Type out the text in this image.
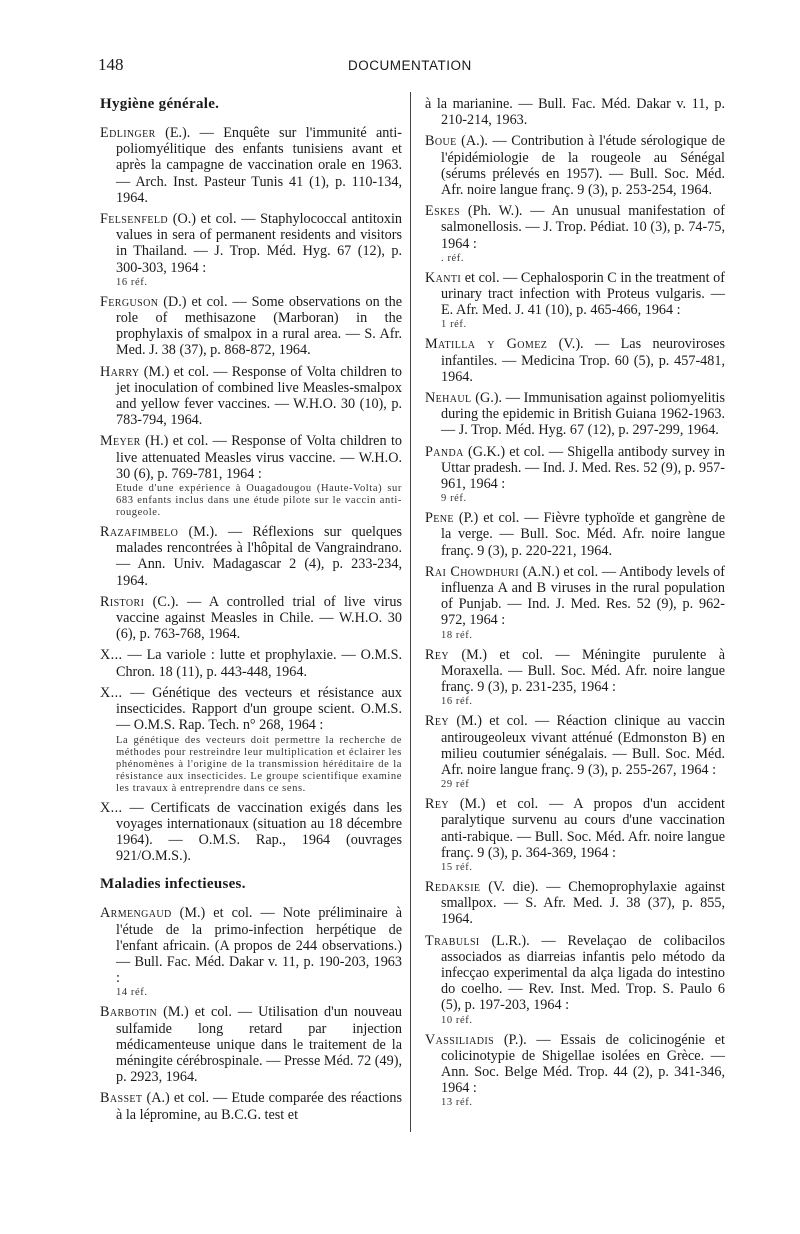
148	DOCUMENTATION
Hygiène générale.
Edlinger (E.). — Enquête sur l'immunité anti-poliomyélitique des enfants tunisiens avant et après la campagne de vaccination orale en 1963. — Arch. Inst. Pasteur Tunis 41 (1), p. 110-134, 1964.
Felsenfeld (O.) et col. — Staphylococcal antitoxin values in sera of permanent residents and visitors in Thailand. — J. Trop. Méd. Hyg. 67 (12), p. 300-303, 1964 :
16 réf.
Ferguson (D.) et col. — Some observations on the role of methisazone (Marboran) in the prophylaxis of smalpox in a rural area. — S. Afr. Med. J. 38 (37), p. 868-872, 1964.
Harry (M.) et col. — Response of Volta children to jet inoculation of combined live Measles-smalpox and yellow fever vaccines. — W.H.O. 30 (10), p. 783-794, 1964.
Meyer (H.) et col. — Response of Volta children to live attenuated Measles virus vaccine. — W.H.O. 30 (6), p. 769-781, 1964 :
Etude d'une expérience à Ouagadougou (Haute-Volta) sur 683 enfants inclus dans une étude pilote sur le vaccin anti-rougeole.
Razafimbelo (M.). — Réflexions sur quelques malades rencontrées à l'hôpital de Vangraindrano. — Ann. Univ. Madagascar 2 (4), p. 233-234, 1964.
Ristori (C.). — A controlled trial of live virus vaccine against Measles in Chile. — W.H.O. 30 (6), p. 763-768, 1964.
X... — La variole : lutte et prophylaxie. — O.M.S. Chron. 18 (11), p. 443-448, 1964.
X... — Génétique des vecteurs et résistance aux insecticides. Rapport d'un groupe scient. O.M.S. — O.M.S. Rap. Tech. n° 268, 1964 :
La génétique des vecteurs doit permettre la recherche de méthodes pour restreindre leur multiplication et éclairer les phénomènes à l'origine de la transmission héréditaire de la résistance aux insecticides. Le groupe scientifique examine les travaux à entreprendre dans ce sens.
X... — Certificats de vaccination exigés dans les voyages internationaux (situation au 18 décembre 1964). — O.M.S. Rap., 1964 (ouvrages 921/O.M.S.).
Maladies infectieuses.
Armengaud (M.) et col. — Note préliminaire à l'étude de la primo-infection herpétique de l'enfant africain. (A propos de 244 observations.) — Bull. Fac. Méd. Dakar v. 11, p. 190-203, 1963 :
14 réf.
Barbotin (M.) et col. — Utilisation d'un nouveau sulfamide long retard par injection médicamenteuse unique dans le traitement de la méningite cérébrospinale. — Presse Méd. 72 (49), p. 2923, 1964.
Basset (A.) et col. — Etude comparée des réactions à la lépromine, au B.C.G. test et
à la marianine. — Bull. Fac. Méd. Dakar v. 11, p. 210-214, 1963.
Boue (A.). — Contribution à l'étude sérologique de l'épidémiologie de la rougeole au Sénégal (sérums prélevés en 1957). — Bull. Soc. Méd. Afr. noire langue franç. 9 (3), p. 253-254, 1964.
Eskes (Ph. W.). — An unusual manifestation of salmonellosis. — J. Trop. Pédiat. 10 (3), p. 74-75, 1964 :
. réf.
Kanti et col. — Cephalosporin C in the treatment of urinary tract infection with Proteus vulgaris. — E. Afr. Med. J. 41 (10), p. 465-466, 1964 :
1 réf.
Matilla y Gomez (V.). — Las neuroviroses infantiles. — Medicina Trop. 60 (5), p. 457-481, 1964.
Nehaul (G.). — Immunisation against poliomyelitis during the epidemic in British Guiana 1962-1963. — J. Trop. Méd. Hyg. 67 (12), p. 297-299, 1964.
Panda (G.K.) et col. — Shigella antibody survey in Uttar pradesh. — Ind. J. Med. Res. 52 (9), p. 957-961, 1964 :
9 réf.
Pene (P.) et col. — Fièvre typhoïde et gangrène de la verge. — Bull. Soc. Méd. Afr. noire langue franç. 9 (3), p. 220-221, 1964.
Rai Chowdhuri (A.N.) et col. — Antibody levels of influenza A and B viruses in the rural population of Punjab. — Ind. J. Med. Res. 52 (9), p. 962-972, 1964 :
18 réf.
Rey (M.) et col. — Méningite purulente à Moraxella. — Bull. Soc. Méd. Afr. noire langue franç. 9 (3), p. 231-235, 1964 :
16 réf.
Rey (M.) et col. — Réaction clinique au vaccin antirougeoleux vivant atténué (Edmonston B) en milieu coutumier sénégalais. — Bull. Soc. Méd. Afr. noire langue franç. 9 (3), p. 255-267, 1964 :
29 réf
Rey (M.) et col. — A propos d'un accident paralytique survenu au cours d'une vaccination anti-rabique. — Bull. Soc. Méd. Afr. noire langue franç. 9 (3), p. 364-369, 1964 :
15 réf.
Redaksie (V. die). — Chemoprophylaxie against smallpox. — S. Afr. Med. J. 38 (37), p. 855, 1964.
Trabulsi (L.R.). — Revelaçao de colibacilos associados as diarreias infantis pelo método da infecçao experimental da alça ligada do intestino do coelho. — Rev. Inst. Med. Trop. S. Paulo 6 (5), p. 197-203, 1964 :
10 réf.
Vassiliadis (P.). — Essais de colicinogénie et colicinotypie de Shigellae isolées en Grèce. — Ann. Soc. Belge Méd. Trop. 44 (2), p. 341-346, 1964 :
13 réf.
